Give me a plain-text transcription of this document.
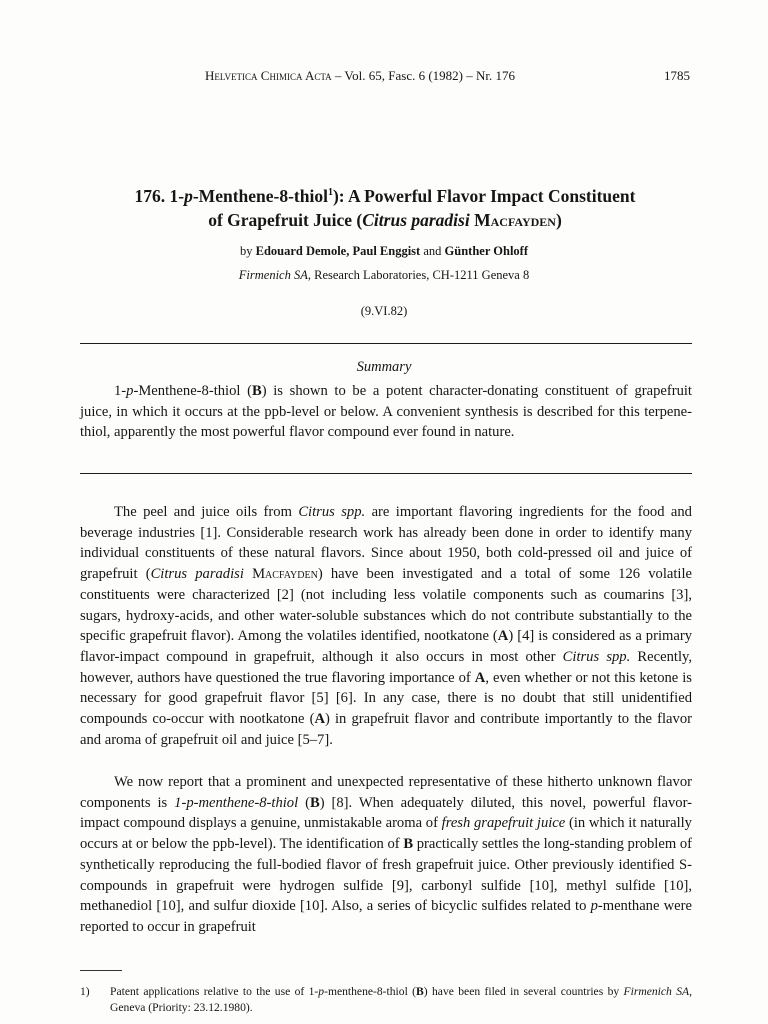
Helvetica Chimica Acta – Vol. 65, Fasc. 6 (1982) – Nr. 176	1785
176. 1-p-Menthene-8-thiol$^1$): A Powerful Flavor Impact Constituent
of Grapefruit Juice (Citrus paradisi Macfayden)
by Edouard Demole, Paul Enggist and Günther Ohloff
Firmenich SA, Research Laboratories, CH-1211 Geneva 8
(9.VI.82)
Summary
1-p-Menthene-8-thiol (B) is shown to be a potent character-donating constituent of grapefruit juice, in which it occurs at the ppb-level or below. A convenient synthesis is described for this terpene-thiol, apparently the most powerful flavor compound ever found in nature.
The peel and juice oils from Citrus spp. are important flavoring ingredients for the food and beverage industries [1]. Considerable research work has already been done in order to identify many individual constituents of these natural flavors. Since about 1950, both cold-pressed oil and juice of grapefruit (Citrus paradisi Macfayden) have been investigated and a total of some 126 volatile constituents were characterized [2] (not including less volatile components such as coumarins [3], sugars, hydroxy-acids, and other water-soluble substances which do not contribute substantially to the specific grapefruit flavor). Among the volatiles identified, nootkatone (A) [4] is considered as a primary flavor-impact compound in grapefruit, although it also occurs in most other Citrus spp. Recently, however, authors have questioned the true flavoring importance of A, even whether or not this ketone is necessary for good grapefruit flavor [5] [6]. In any case, there is no doubt that still unidentified compounds co-occur with nootkatone (A) in grapefruit flavor and contribute importantly to the flavor and aroma of grapefruit oil and juice [5–7].
We now report that a prominent and unexpected representative of these hitherto unknown flavor components is 1-p-menthene-8-thiol (B) [8]. When adequately diluted, this novel, powerful flavor-impact compound displays a genuine, unmistakable aroma of fresh grapefruit juice (in which it naturally occurs at or below the ppb-level). The identification of B practically settles the long-standing problem of synthetically reproducing the full-bodied flavor of fresh grapefruit juice. Other previously identified S-compounds in grapefruit were hydrogen sulfide [9], carbonyl sulfide [10], methyl sulfide [10], methanediol [10], and sulfur dioxide [10]. Also, a series of bicyclic sulfides related to p-menthane were reported to occur in grapefruit
1) Patent applications relative to the use of 1-p-menthene-8-thiol (B) have been filed in several countries by Firmenich SA, Geneva (Priority: 23.12.1980).
